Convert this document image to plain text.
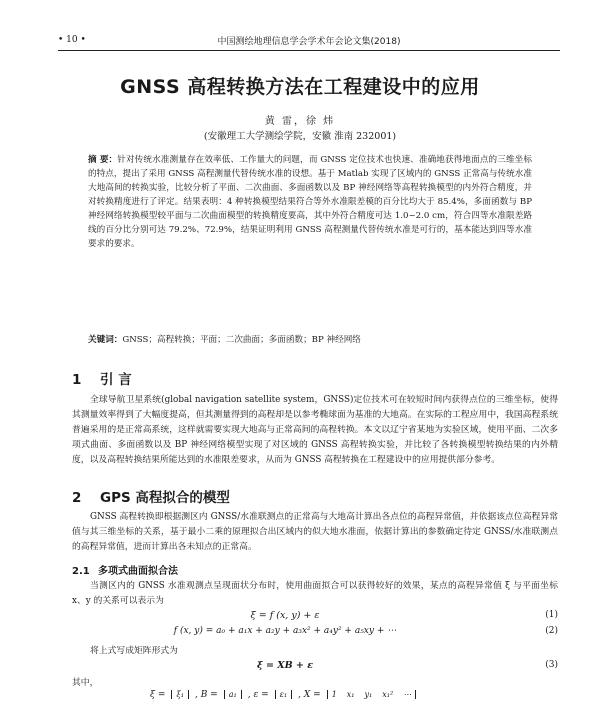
• 10 •	中国测绘地理信息学会学术年会论文集(2018)
GNSS 高程转换方法在工程建设中的应用
黄 雷，徐 炜
(安徽理工大学测绘学院，安徽 淮南 232001)
摘 要：针对传统水准测量存在效率低、工作量大的问题，而 GNSS 定位技术也快速、准确地获得地面点的三维坐标的特点，提出了采用 GNSS 高程测量代替传统水准的设想。基于 Matlab 实现了区域内的 GNSS 正常高与传统水准大地高间的转换实验，比较分析了平面、二次曲面、多面函数以及 BP 神经网络等高程转换模型的内外符合精度，并对转换精度进行了评定。结果表明：4 种转换模型结果符合等外水准限差模的百分比均大于 85.4%，多面函数与 BP 神经网络转换模型较平面与二次曲面模型的转换精度要高，其中外符合精度可达 1.0~2.0 cm，符合四等水准限差路线的百分比分别可达 79.2%、72.9%，结果证明利用 GNSS 高程测量代替传统水准是可行的，基本能达到四等水准要求的要求。
关键词：GNSS；高程转换；平面；二次曲面；多面函数；BP 神经网络
1 引 言
全球导航卫星系统(global navigation satellite system，GNSS)定位技术可在较短时间内获得点位的三维坐标，使得其测量效率得到了大幅度提高，但其测量得到的高程却是以参考椭球面为基准的大地高。在实际的工程应用中，我国高程系统普遍采用的是正常高系统，这样就需要实现大地高与正常高间的高程转换。本文以辽宁省某地为实验区域，使用平面、二次多项式曲面、多面函数以及 BP 神经网络模型实现了对区域的 GNSS 高程转换实验，并比较了各转换模型转换结果的内外精度，以及高程转换结果所能达到的水准限差要求，从而为 GNSS 高程转换在工程建设中的应用提供部分参考。
2 GPS 高程拟合的模型
GNSS 高程转换即根据测区内 GNSS/水准联测点的正常高与大地高计算出各点位的高程异常值，并依据该点位高程异常值与其三维坐标的关系，基于最小二乘的原理拟合出区域内的似大地水准面，依据计算出的参数确定待定 GNSS/水准联测点的高程异常值，进而计算出各未知点的正常高。
2.1 多项式曲面拟合法
当测区内的 GNSS 水准观测点呈现面状分布时，使用曲面拟合可以获得较好的效果，某点的高程异常值 ξ 与平面坐标 x、y 的关系可以表示为
ξ = f (x, y) + ε	(1)
f (x, y) = a₀ + a₁x + a₂y + a₃x² + a₄y² + a₅xy + ⋯	(2)
将上式写成矩阵形式为
ξ = XB + ε	(3)
其中，
ξ =	ξ₁	, B =	a₁	, ε =	ε₁	, X = 1 x₁ y₁ x₁² ⋯
